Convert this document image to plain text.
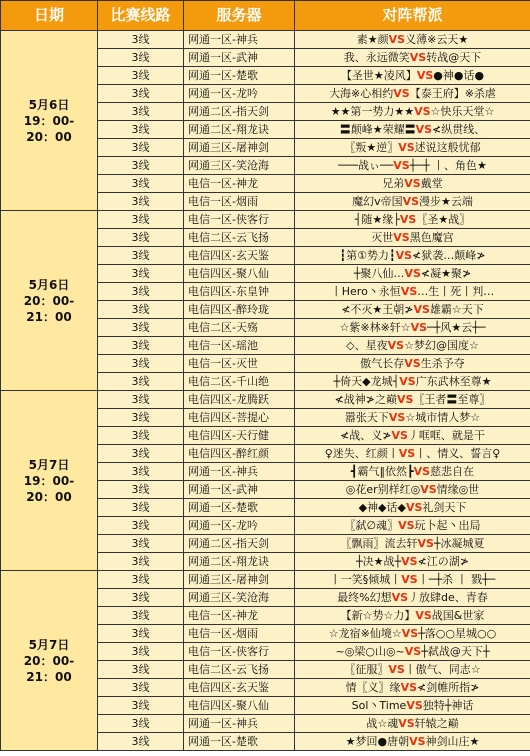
日期	比赛线路	服务器	对阵帮派

5月6日
19：00-20：00	3线	网通一区-神兵	素★颜VS义薄※云天★
	3线	网通一区-武神	我、永远微笑VS转战@天下
	3线	网通一区-楚歌	【圣世★凌风】VS●神●话●
	3线	网通一区-龙吟	大海※心相约VS【泰王府】※杀虐
	3线	网通二区-指天剑	★★第一势力★★VS☆快乐天堂☆
	3线	网通二区-翔龙诀	〓颠峰★荣耀〓VS≮纵贯线、
	3线	网通三区-屠神剑	〖叛★逆〗VS述说这般忧郁
	3线	网通三区-笑沧海	───战ぃ──VS┼─┼ 丨、角色★
	3线	电信一区-神龙	兄弟VS戴堂
	3线	电信一区-烟雨	魔幻v帝国VS漫步★云端

5月6日
20：00-21：00	3线	电信一区-侠客行	┤随★缘├VS〖圣★战〗
	3线	电信二区-云飞扬	灭世VS黑色魔宫
	3线	电信四区-玄天鉴	┇第①势力┇VS≮狱袭…颠峰≯
	3线	电信四区-聚八仙	┼聚八仙…VS≮凝★聚≯
	3线	电信四区-东皇钟	丨Hero丶永恒VS…生丨死丨判…
	3线	电信四区-醉玲珑	≮不灭★王朝≯VS雄霸☆天下
	3线	电信二区-天殇	☆紫※林※轩☆VS─┼风★云┼─
	3线	电信一区-瑶池	◇、星夜VS☆梦幻@国度☆
	3线	电信一区-灭世	傲气长存VS生杀予夺
	3线	电信二区-千山绝	┼倚天◆龙城┤VS广东武林至尊★

5月7日
19：00-20：00	3线	电信四区-龙腾跃	≮战神≯之巅VS〖王者〓至尊〗
	3线	电信四区-菩提心	嚣张天下VS☆城市情人梦☆
	3线	电信四区-天行健	≮战、义≯VS丿哐哐、就是干
	3线	电信四区-醉红颜	♀迷失、红颜丨VS丨、情义、誓言♀
	3线	网通一区-神兵	┫霸气‖依然┣VS慈悲自在
	3线	网通一区-武神	◎花er别样红◎VS情缘◎世
	3线	网通一区-楚歌	◆神◆话◆VS礼剑天下
	3线	网通一区-龙吟	〖弑∅魂〗VS玩卜起丶出局
	3线	网通二区-指天剑	〖飘雨〗流去轩VS┼冰凝城夏
	3线	网通二区-翔龙诀	┼决★战┼VS≮江の湖≯

5月7日
20：00-21：00	3线	网通三区-屠神剑	丨一笑§倾城丨VS丨─┼杀 丨 戮┼─
	3线	网通三区-笑沧海	最终%幻想VS丿放肆de、青春
	3线	电信一区-神龙	【新☆势☆力】VS战国&世家
	3线	电信一区-烟雨	☆龙宿※仙境☆VS┼落○○星城○○
	3线	电信一区-侠客行	~◎梁○山◎~VS┼弑战@天下┼
	3线	电信二区-云飞扬	〖征服〗VS丨傲气、同志☆
	3线	电信四区-玄天鉴	情〖义〗缘VS≮剑帷所指≯
	3线	电信四区-聚八仙	Sol丶TimeVS独特┼神话
	3线	网通一区-神兵	战☆魂VS轩辕之巅
	3线	网通一区-楚歌	★梦回●唐朝VS神剑山庄★
